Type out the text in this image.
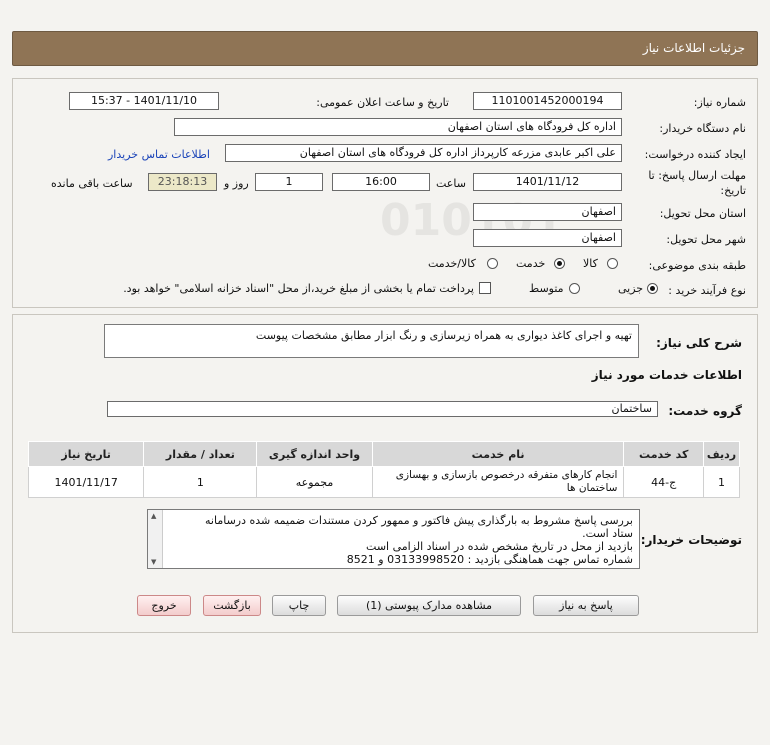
جزئیات اطلاعات نیاز
شماره نیاز:
1101001452000194
تاریخ و ساعت اعلان عمومی:
1401/11/10 - 15:37
نام دستگاه خریدار:
اداره کل فرودگاه های استان اصفهان
ایجاد کننده درخواست:
علی اکبر عابدی مزرعه کارپرداز اداره کل فرودگاه های استان اصفهان
اطلاعات تماس خریدار
مهلت ارسال پاسخ: تا
تاریخ:
1401/11/12
ساعت
16:00
1
روز و
23:18:13
ساعت باقی مانده
استان محل تحویل:
اصفهان
شهر محل تحویل:
اصفهان
طبقه بندی موضوعی:
کالا
خدمت
کالا/خدمت
نوع فرآیند خرید :
جزیی
متوسط
پرداخت تمام یا بخشی از مبلغ خرید،از محل "اسناد خزانه اسلامی" خواهد بود.
شرح کلی نیاز:
تهیه و اجرای کاغذ دیواری به همراه زیرسازی و رنگ ابزار مطابق مشخصات پیوست
اطلاعات خدمات مورد نیاز
گروه خدمت:
ساختمان
ردیف	کد خدمت	نام خدمت	واحد اندازه گیری	تعداد / مقدار	تاریخ نیاز
1	ج-44	انجام کارهای متفرقه درخصوص بازسازی و بهسازی ساختمان ها	مجموعه	1	1401/11/17
توضیحات خریدار:
▲
▼
بررسی پاسخ مشروط به بارگذاری پیش فاکتور و ممهور کردن مستندات ضمیمه شده درسامانه
ستاد است.
بازدید از محل در تاریخ مشخص شده در اسناد الزامی است
شماره تماس جهت هماهنگی بازدید : 03133998520 و 8521
پاسخ به نیاز
مشاهده مدارک پیوستی (1)
چاپ
بازگشت
خروج
